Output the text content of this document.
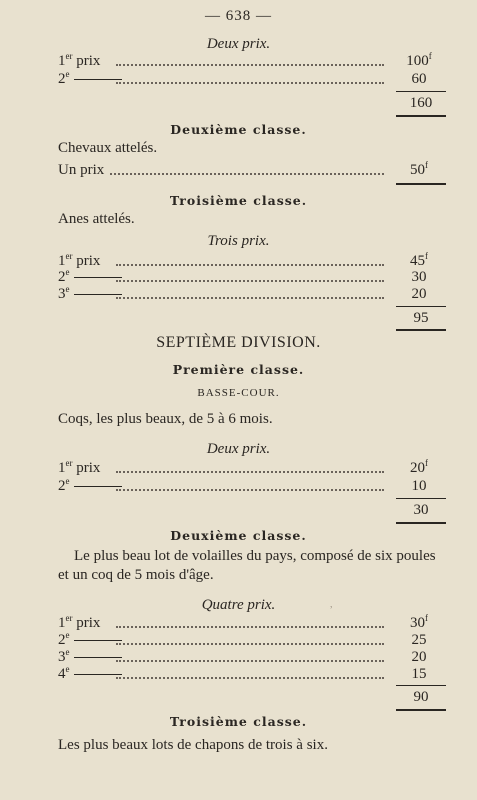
— 638 —
Deux prix.
1er prix	100$^f$
2e	60
160
Deuxième classe.
Chevaux attelés.
Un prix	50$^f$
Troisième classe.
Anes attelés.
Trois prix.
1er prix	45$^f$
2e	30
3e	20
95
SEPTIÈME DIVISION.
Première classe.
BASSE-COUR.
Coqs, les plus beaux, de 5 à 6 mois.
Deux prix.
1er prix	20$^f$
2e	10
30
Deuxième classe.
Le plus beau lot de volailles du pays, composé de six poules
et un coq de 5 mois d'âge.
Quatre prix.	,
1er prix	30$^f$
2e	25
3e	20
4e	15
90
Troisième classe.
Les plus beaux lots de chapons de trois à six.
